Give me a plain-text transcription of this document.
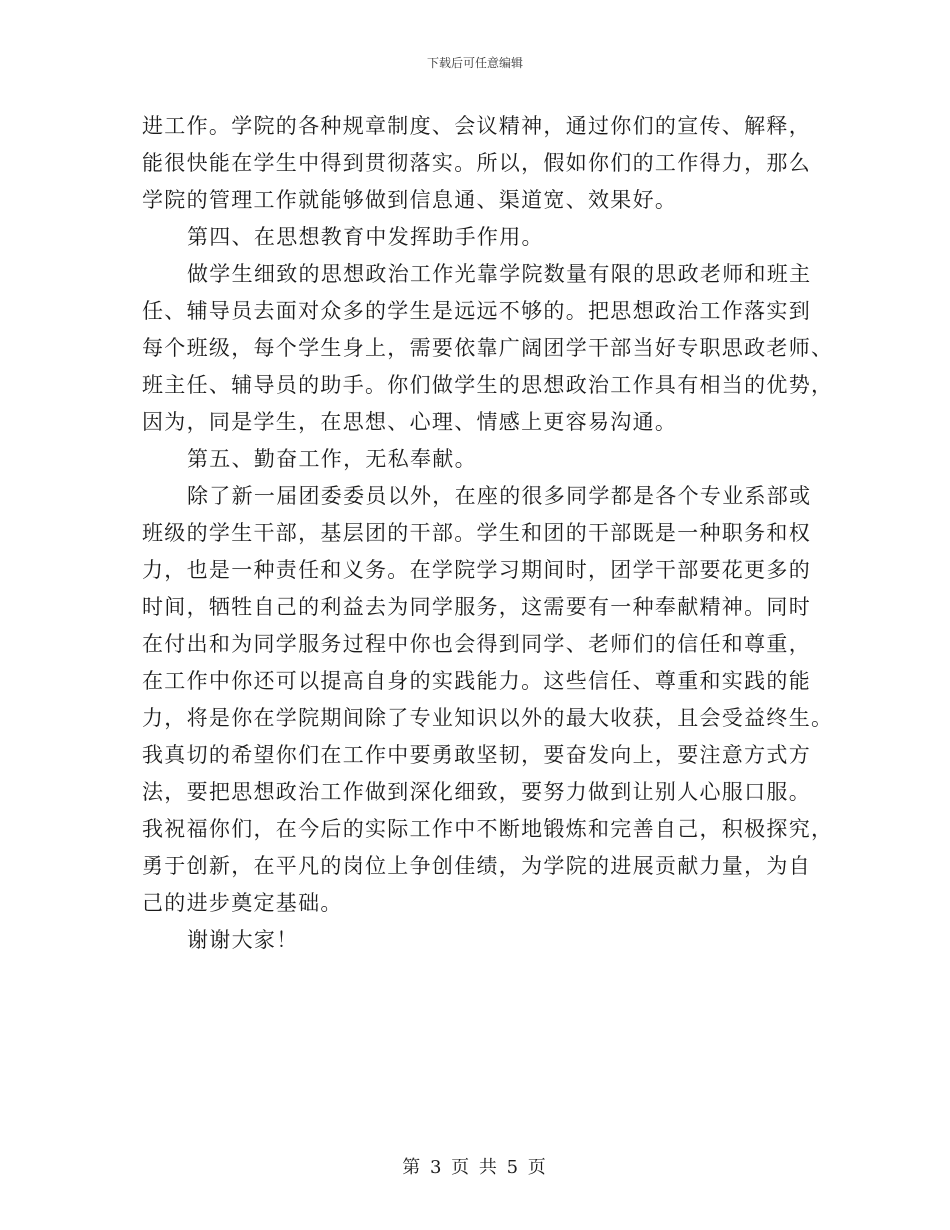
下载后可任意编辑
进工作。学院的各种规章制度、会议精神，通过你们的宣传、解释，
能很快能在学生中得到贯彻落实。所以，假如你们的工作得力，那么
学院的管理工作就能够做到信息通、渠道宽、效果好。
第四、在思想教育中发挥助手作用。
做学生细致的思想政治工作光靠学院数量有限的思政老师和班主
任、辅导员去面对众多的学生是远远不够的。把思想政治工作落实到
每个班级，每个学生身上，需要依靠广阔团学干部当好专职思政老师、
班主任、辅导员的助手。你们做学生的思想政治工作具有相当的优势，
因为，同是学生，在思想、心理、情感上更容易沟通。
第五、勤奋工作，无私奉献。
除了新一届团委委员以外，在座的很多同学都是各个专业系部或
班级的学生干部，基层团的干部。学生和团的干部既是一种职务和权
力，也是一种责任和义务。在学院学习期间时，团学干部要花更多的
时间，牺牲自己的利益去为同学服务，这需要有一种奉献精神。同时
在付出和为同学服务过程中你也会得到同学、老师们的信任和尊重，
在工作中你还可以提高自身的实践能力。这些信任、尊重和实践的能
力，将是你在学院期间除了专业知识以外的最大收获，且会受益终生。
我真切的希望你们在工作中要勇敢坚韧，要奋发向上，要注意方式方
法，要把思想政治工作做到深化细致，要努力做到让别人心服口服。
我祝福你们，在今后的实际工作中不断地锻炼和完善自己，积极探究，
勇于创新，在平凡的岗位上争创佳绩，为学院的进展贡献力量，为自
己的进步奠定基础。
谢谢大家！
第 3 页 共 5 页
